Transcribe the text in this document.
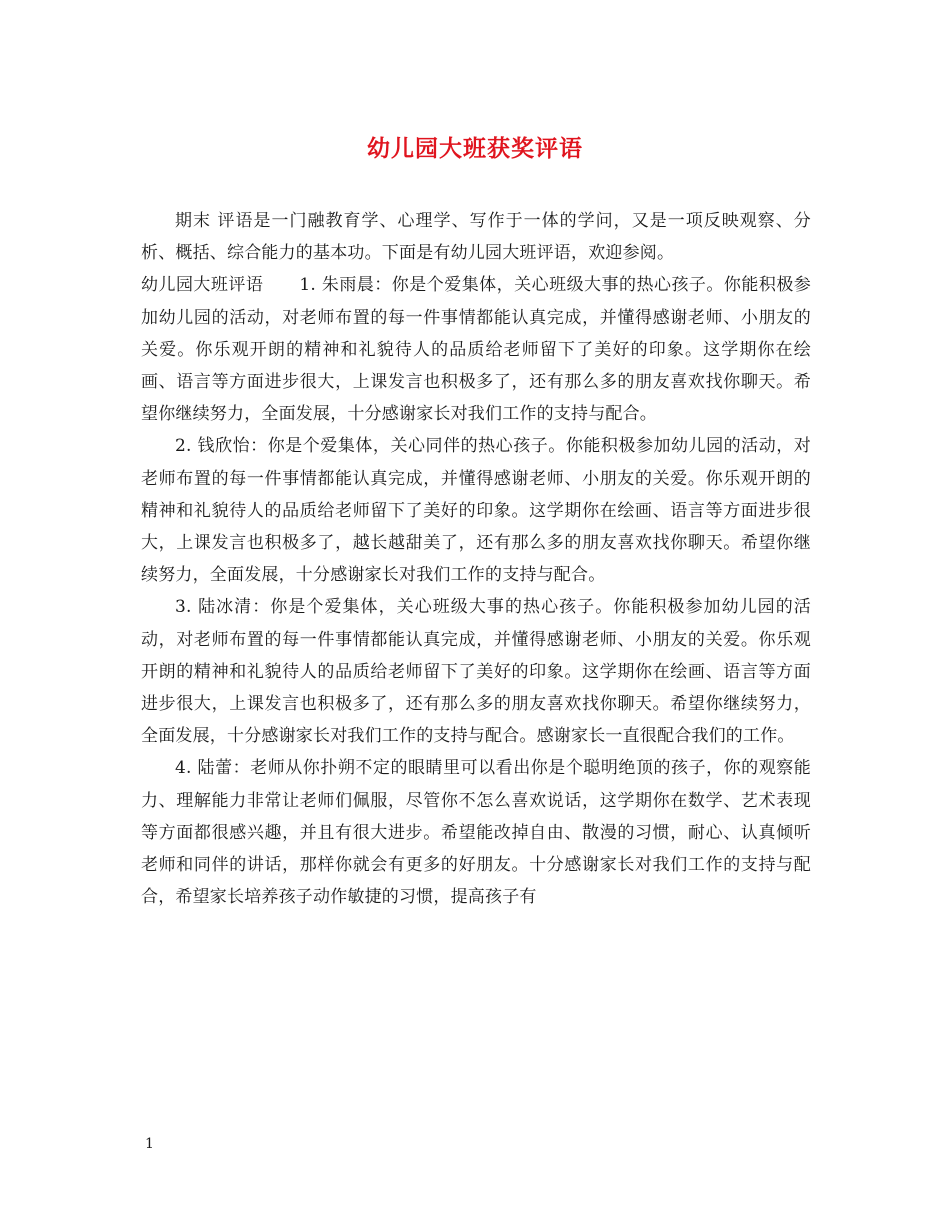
幼儿园大班获奖评语

期末 评语是一门融教育学、心理学、写作于一体的学问，又是一项反映观察、分析、概括、综合能力的基本功。下面是有幼儿园大班评语，欢迎参阅。

幼儿园大班评语 1. 朱雨晨：你是个爱集体，关心班级大事的热心孩子。你能积极参加幼儿园的活动，对老师布置的每一件事情都能认真完成，并懂得感谢老师、小朋友的关爱。你乐观开朗的精神和礼貌待人的品质给老师留下了美好的印象。这学期你在绘画、语言等方面进步很大，上课发言也积极多了，还有那么多的朋友喜欢找你聊天。希望你继续努力，全面发展，十分感谢家长对我们工作的支持与配合。

2. 钱欣怡：你是个爱集体，关心同伴的热心孩子。你能积极参加幼儿园的活动，对老师布置的每一件事情都能认真完成，并懂得感谢老师、小朋友的关爱。你乐观开朗的精神和礼貌待人的品质给老师留下了美好的印象。这学期你在绘画、语言等方面进步很大，上课发言也积极多了，越长越甜美了，还有那么多的朋友喜欢找你聊天。希望你继续努力，全面发展，十分感谢家长对我们工作的支持与配合。

3. 陆冰清：你是个爱集体，关心班级大事的热心孩子。你能积极参加幼儿园的活动，对老师布置的每一件事情都能认真完成，并懂得感谢老师、小朋友的关爱。你乐观开朗的精神和礼貌待人的品质给老师留下了美好的印象。这学期你在绘画、语言等方面进步很大，上课发言也积极多了，还有那么多的朋友喜欢找你聊天。希望你继续努力，全面发展，十分感谢家长对我们工作的支持与配合。感谢家长一直很配合我们的工作。

4. 陆蕾：老师从你扑朔不定的眼睛里可以看出你是个聪明绝顶的孩子，你的观察能力、理解能力非常让老师们佩服，尽管你不怎么喜欢说话，这学期你在数学、艺术表现等方面都很感兴趣，并且有很大进步。希望能改掉自由、散漫的习惯，耐心、认真倾听老师和同伴的讲话，那样你就会有更多的好朋友。十分感谢家长对我们工作的支持与配合，希望家长培养孩子动作敏捷的习惯，提高孩子有

1
